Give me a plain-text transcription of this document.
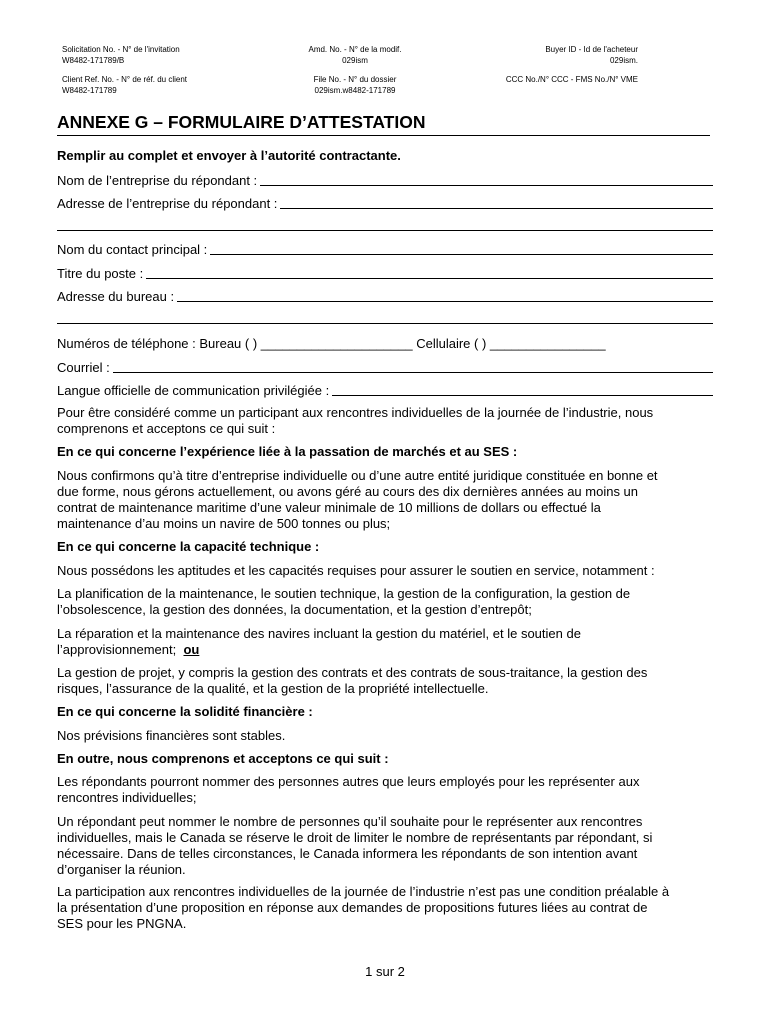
Solicitation No. - N° de l'invitation
W8482-171789/B
Amd. No. - N° de la modif.
029ism
Buyer ID - Id de l'acheteur
029ism.
Client Ref. No. - N° de réf. du client
W8482-171789
File No. - N° du dossier
029ism.w8482-171789
CCC No./N° CCC - FMS No./N° VME
ANNEXE G – FORMULAIRE D’ATTESTATION
Remplir au complet et envoyer à l’autorité contractante.
Nom de l’entreprise du répondant :
Adresse de l’entreprise du répondant :
Nom du contact principal :
Titre du poste :
Adresse du bureau :
Numéros de téléphone : Bureau ( ) _____________________ Cellulaire ( ) ________________
Courriel :
Langue officielle de communication privilégiée :
Pour être considéré comme un participant aux rencontres individuelles de la journée de l’industrie, nous
comprenons et acceptons ce qui suit :
En ce qui concerne l’expérience liée à la passation de marchés et au SES :
Nous confirmons qu’à titre d’entreprise individuelle ou d’une autre entité juridique constituée en bonne et
due forme, nous gérons actuellement, ou avons géré au cours des dix dernières années au moins un
contrat de maintenance maritime d’une valeur minimale de 10 millions de dollars ou effectué la
maintenance d’au moins un navire de 500 tonnes ou plus;
En ce qui concerne la capacité technique :
Nous possédons les aptitudes et les capacités requises pour assurer le soutien en service, notamment :
La planification de la maintenance, le soutien technique, la gestion de la configuration, la gestion de
l’obsolescence, la gestion des données, la documentation, et la gestion d’entrepôt;
La réparation et la maintenance des navires incluant la gestion du matériel, et le soutien de
l’approvisionnement; ou
La gestion de projet, y compris la gestion des contrats et des contrats de sous-traitance, la gestion des
risques, l’assurance de la qualité, et la gestion de la propriété intellectuelle.
En ce qui concerne la solidité financière :
Nos prévisions financières sont stables.
En outre, nous comprenons et acceptons ce qui suit :
Les répondants pourront nommer des personnes autres que leurs employés pour les représenter aux
rencontres individuelles;
Un répondant peut nommer le nombre de personnes qu’il souhaite pour le représenter aux rencontres
individuelles, mais le Canada se réserve le droit de limiter le nombre de représentants par répondant, si
nécessaire. Dans de telles circonstances, le Canada informera les répondants de son intention avant
d’organiser la réunion.
La participation aux rencontres individuelles de la journée de l’industrie n’est pas une condition préalable à
la présentation d’une proposition en réponse aux demandes de propositions futures liées au contrat de
SES pour les PNGNA.
1 sur 2
